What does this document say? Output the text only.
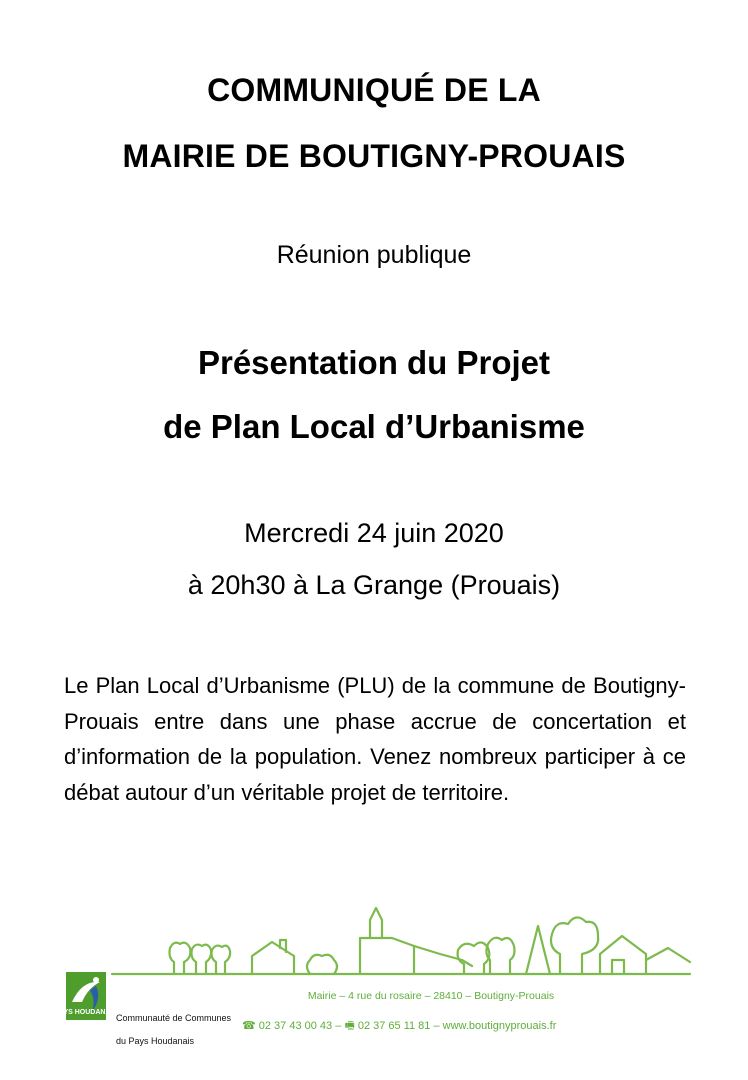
COMMUNIQUÉ DE LA
MAIRIE DE BOUTIGNY-PROUAIS
Réunion publique
Présentation du Projet
de Plan Local d’Urbanisme
Mercredi 24 juin 2020
à 20h30 à La Grange (Prouais)
Le Plan Local d’Urbanisme (PLU) de la commune de Boutigny-Prouais entre dans une phase accrue de concertation et d’information de la population. Venez nombreux participer à ce débat autour d’un véritable projet de territoire.
PAYS HOUDANAIS
Communauté de Communes
du Pays Houdanais
Mairie – 4 rue du rosaire – 28410 – Boutigny-Prouais
☎ 02 37 43 00 43 – 🖷 02 37 65 11 81 – www.boutignyprouais.fr
